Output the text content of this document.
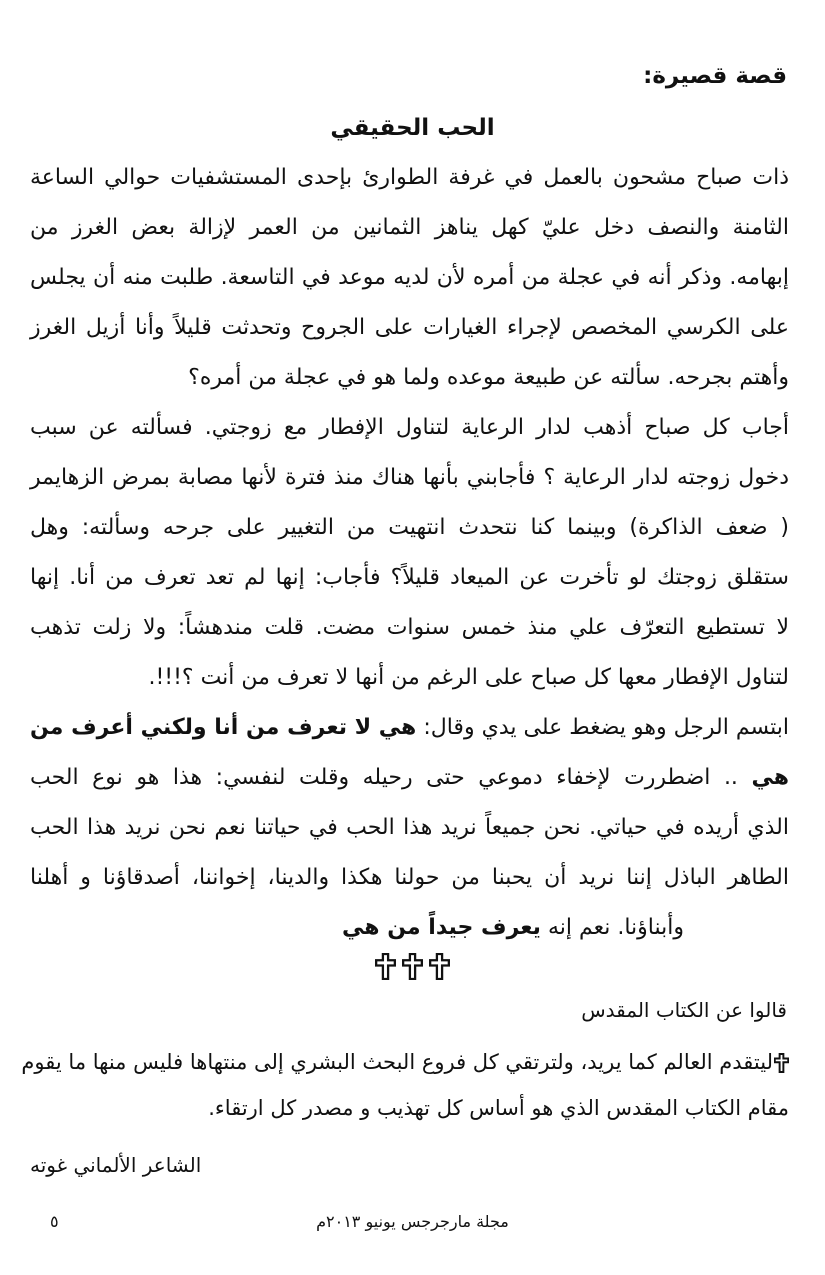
قصة قصيرة:
الحب الحقيقي
ذات صباح مشحون بالعمل في غرفة الطوارئ بإحدى المستشفيات حوالي الساعة
الثامنة والنصف دخل عليّ كهل يناهز الثمانين من العمر لإزالة بعض الغرز من
إبهامه. وذكر أنه في عجلة من أمره لأن لديه موعد في التاسعة. طلبت منه أن يجلس
على الكرسي المخصص لإجراء الغيارات على الجروح وتحدثت قليلاً وأنا أزيل الغرز
وأهتم بجرحه. سألته عن طبيعة موعده ولما هو في عجلة من أمره؟
أجاب كل صباح أذهب لدار الرعاية لتناول الإفطار مع زوجتي. فسألته عن سبب
دخول زوجته لدار الرعاية ؟ فأجابني بأنها هناك منذ فترة لأنها مصابة بمرض الزهايمر
( ضعف الذاكرة) وبينما كنا نتحدث انتهيت من التغيير على جرحه وسألته: وهل
ستقلق زوجتك لو تأخرت عن الميعاد قليلاً؟ فأجاب: إنها لم تعد تعرف من أنا. إنها
لا تستطيع التعرّف علي منذ خمس سنوات مضت. قلت مندهشاً: ولا زلت تذهب
لتناول الإفطار معها كل صباح على الرغم من أنها لا تعرف من أنت ؟!!!.
ابتسم الرجل وهو يضغط على يدي وقال: هي لا تعرف من أنا ولكني أعرف من
هي .. اضطررت لإخفاء دموعي حتى رحيله وقلت لنفسي: هذا هو نوع الحب
الذي أريده في حياتي. نحن جميعاً نريد هذا الحب في حياتنا نعم نحن نريد هذا الحب
الطاهر الباذل إننا نريد أن يحبنا من حولنا هكذا والدينا، إخواننا، أصدقاؤنا و أهلنا
وأبناؤنا. نعم إنه يعرف جيداً من هي
قالوا عن الكتاب المقدس
ليتقدم العالم كما يريد، ولترتقي كل فروع البحث البشري إلى منتهاها فليس منها ما يقوم
مقام الكتاب المقدس الذي هو أساس كل تهذيب و مصدر كل ارتقاء.
الشاعر الألماني غوته
مجلة مارجرجس يونيو ٢٠١٣م
٥
